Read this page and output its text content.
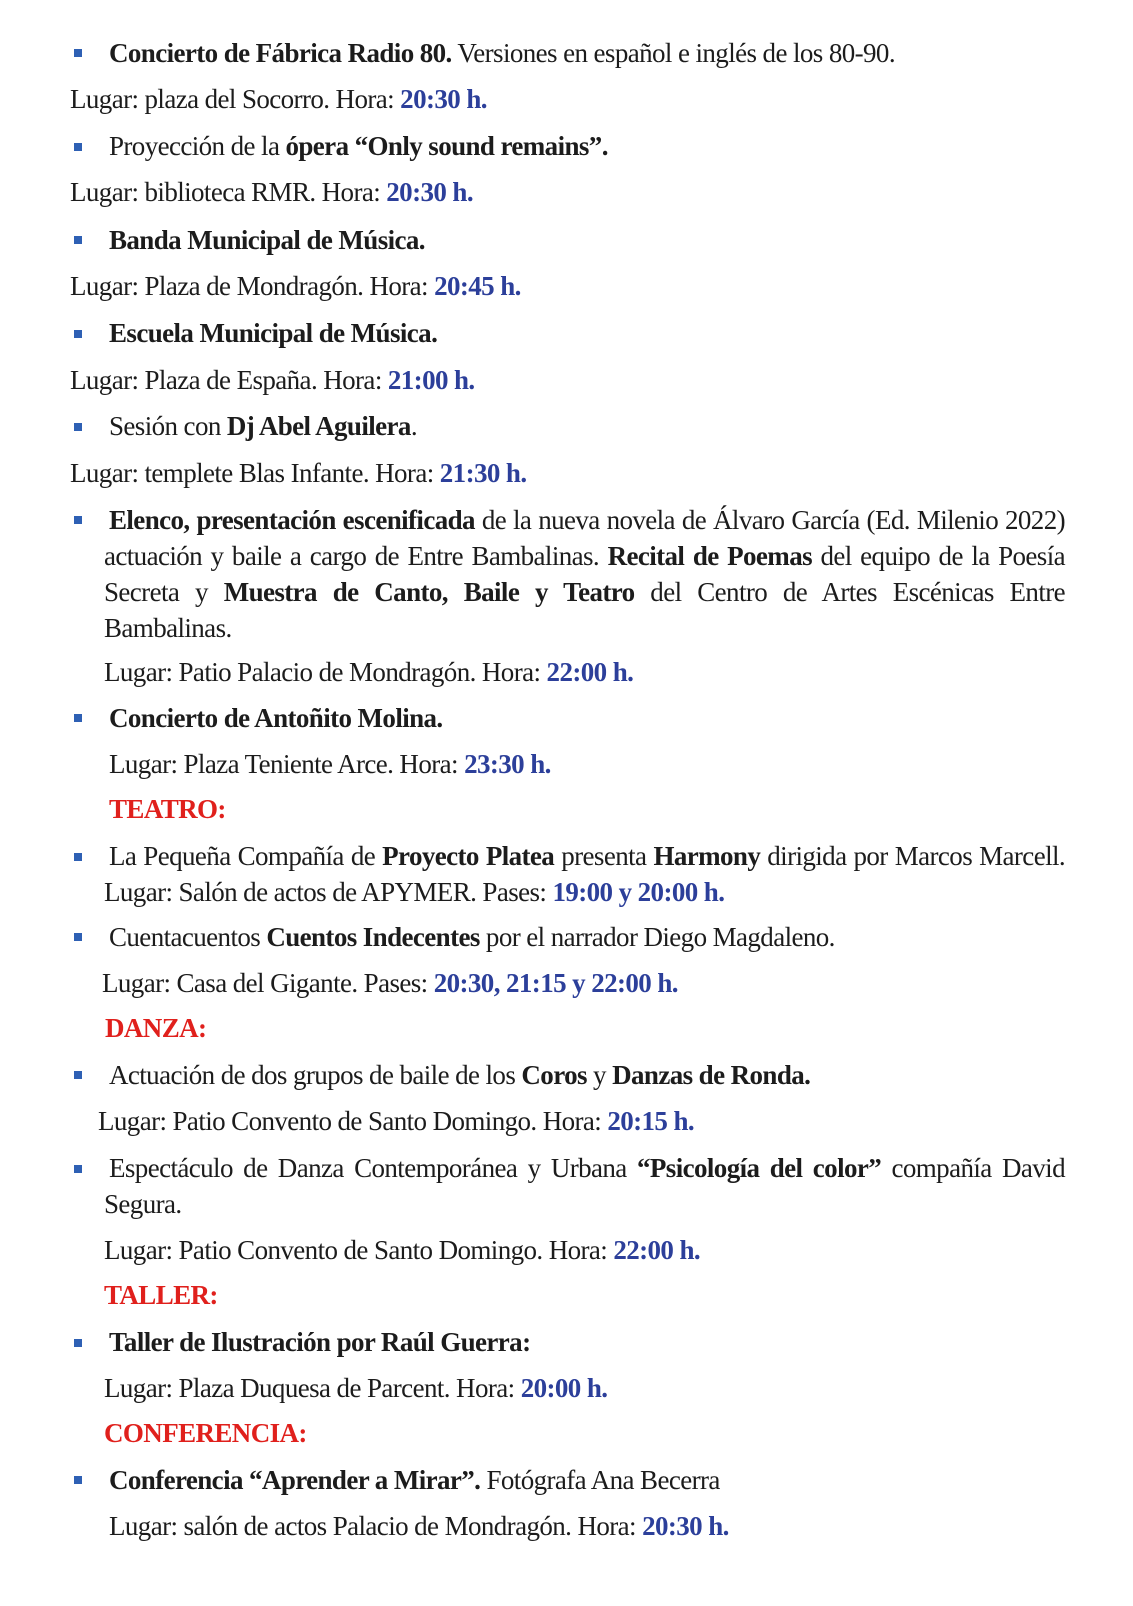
Concierto de Fábrica Radio 80. Versiones en español e inglés de los 80-90.
Lugar: plaza del Socorro. Hora: 20:30 h.
Proyección de la ópera “Only sound remains”.
Lugar: biblioteca RMR. Hora: 20:30 h.
Banda Municipal de Música.
Lugar: Plaza de Mondragón. Hora: 20:45 h.
Escuela Municipal de Música.
Lugar: Plaza de España. Hora: 21:00 h.
Sesión con Dj Abel Aguilera.
Lugar: templete Blas Infante. Hora: 21:30 h.
Elenco, presentación escenificada de la nueva novela de Álvaro García (Ed. Milenio 2022) actuación y baile a cargo de Entre Bambalinas. Recital de Poemas del equipo de la Poesía Secreta y Muestra de Canto, Baile y Teatro del Centro de Artes Escénicas Entre Bambalinas.
Lugar: Patio Palacio de Mondragón. Hora: 22:00 h.
Concierto de Antoñito Molina.
Lugar: Plaza Teniente Arce. Hora: 23:30 h.
TEATRO:
La Pequeña Compañía de Proyecto Platea presenta Harmony dirigida por Marcos Marcell. Lugar: Salón de actos de APYMER. Pases: 19:00 y 20:00 h.
Cuentacuentos Cuentos Indecentes por el narrador Diego Magdaleno.
Lugar: Casa del Gigante. Pases: 20:30, 21:15 y 22:00 h.
DANZA:
Actuación de dos grupos de baile de los Coros y Danzas de Ronda.
Lugar: Patio Convento de Santo Domingo. Hora: 20:15 h.
Espectáculo de Danza Contemporánea y Urbana “Psicología del color” compañía David Segura.
Lugar: Patio Convento de Santo Domingo. Hora: 22:00 h.
TALLER:
Taller de Ilustración por Raúl Guerra:
Lugar: Plaza Duquesa de Parcent. Hora: 20:00 h.
CONFERENCIA:
Conferencia “Aprender a Mirar”. Fotógrafa Ana Becerra
Lugar: salón de actos Palacio de Mondragón. Hora: 20:30 h.
